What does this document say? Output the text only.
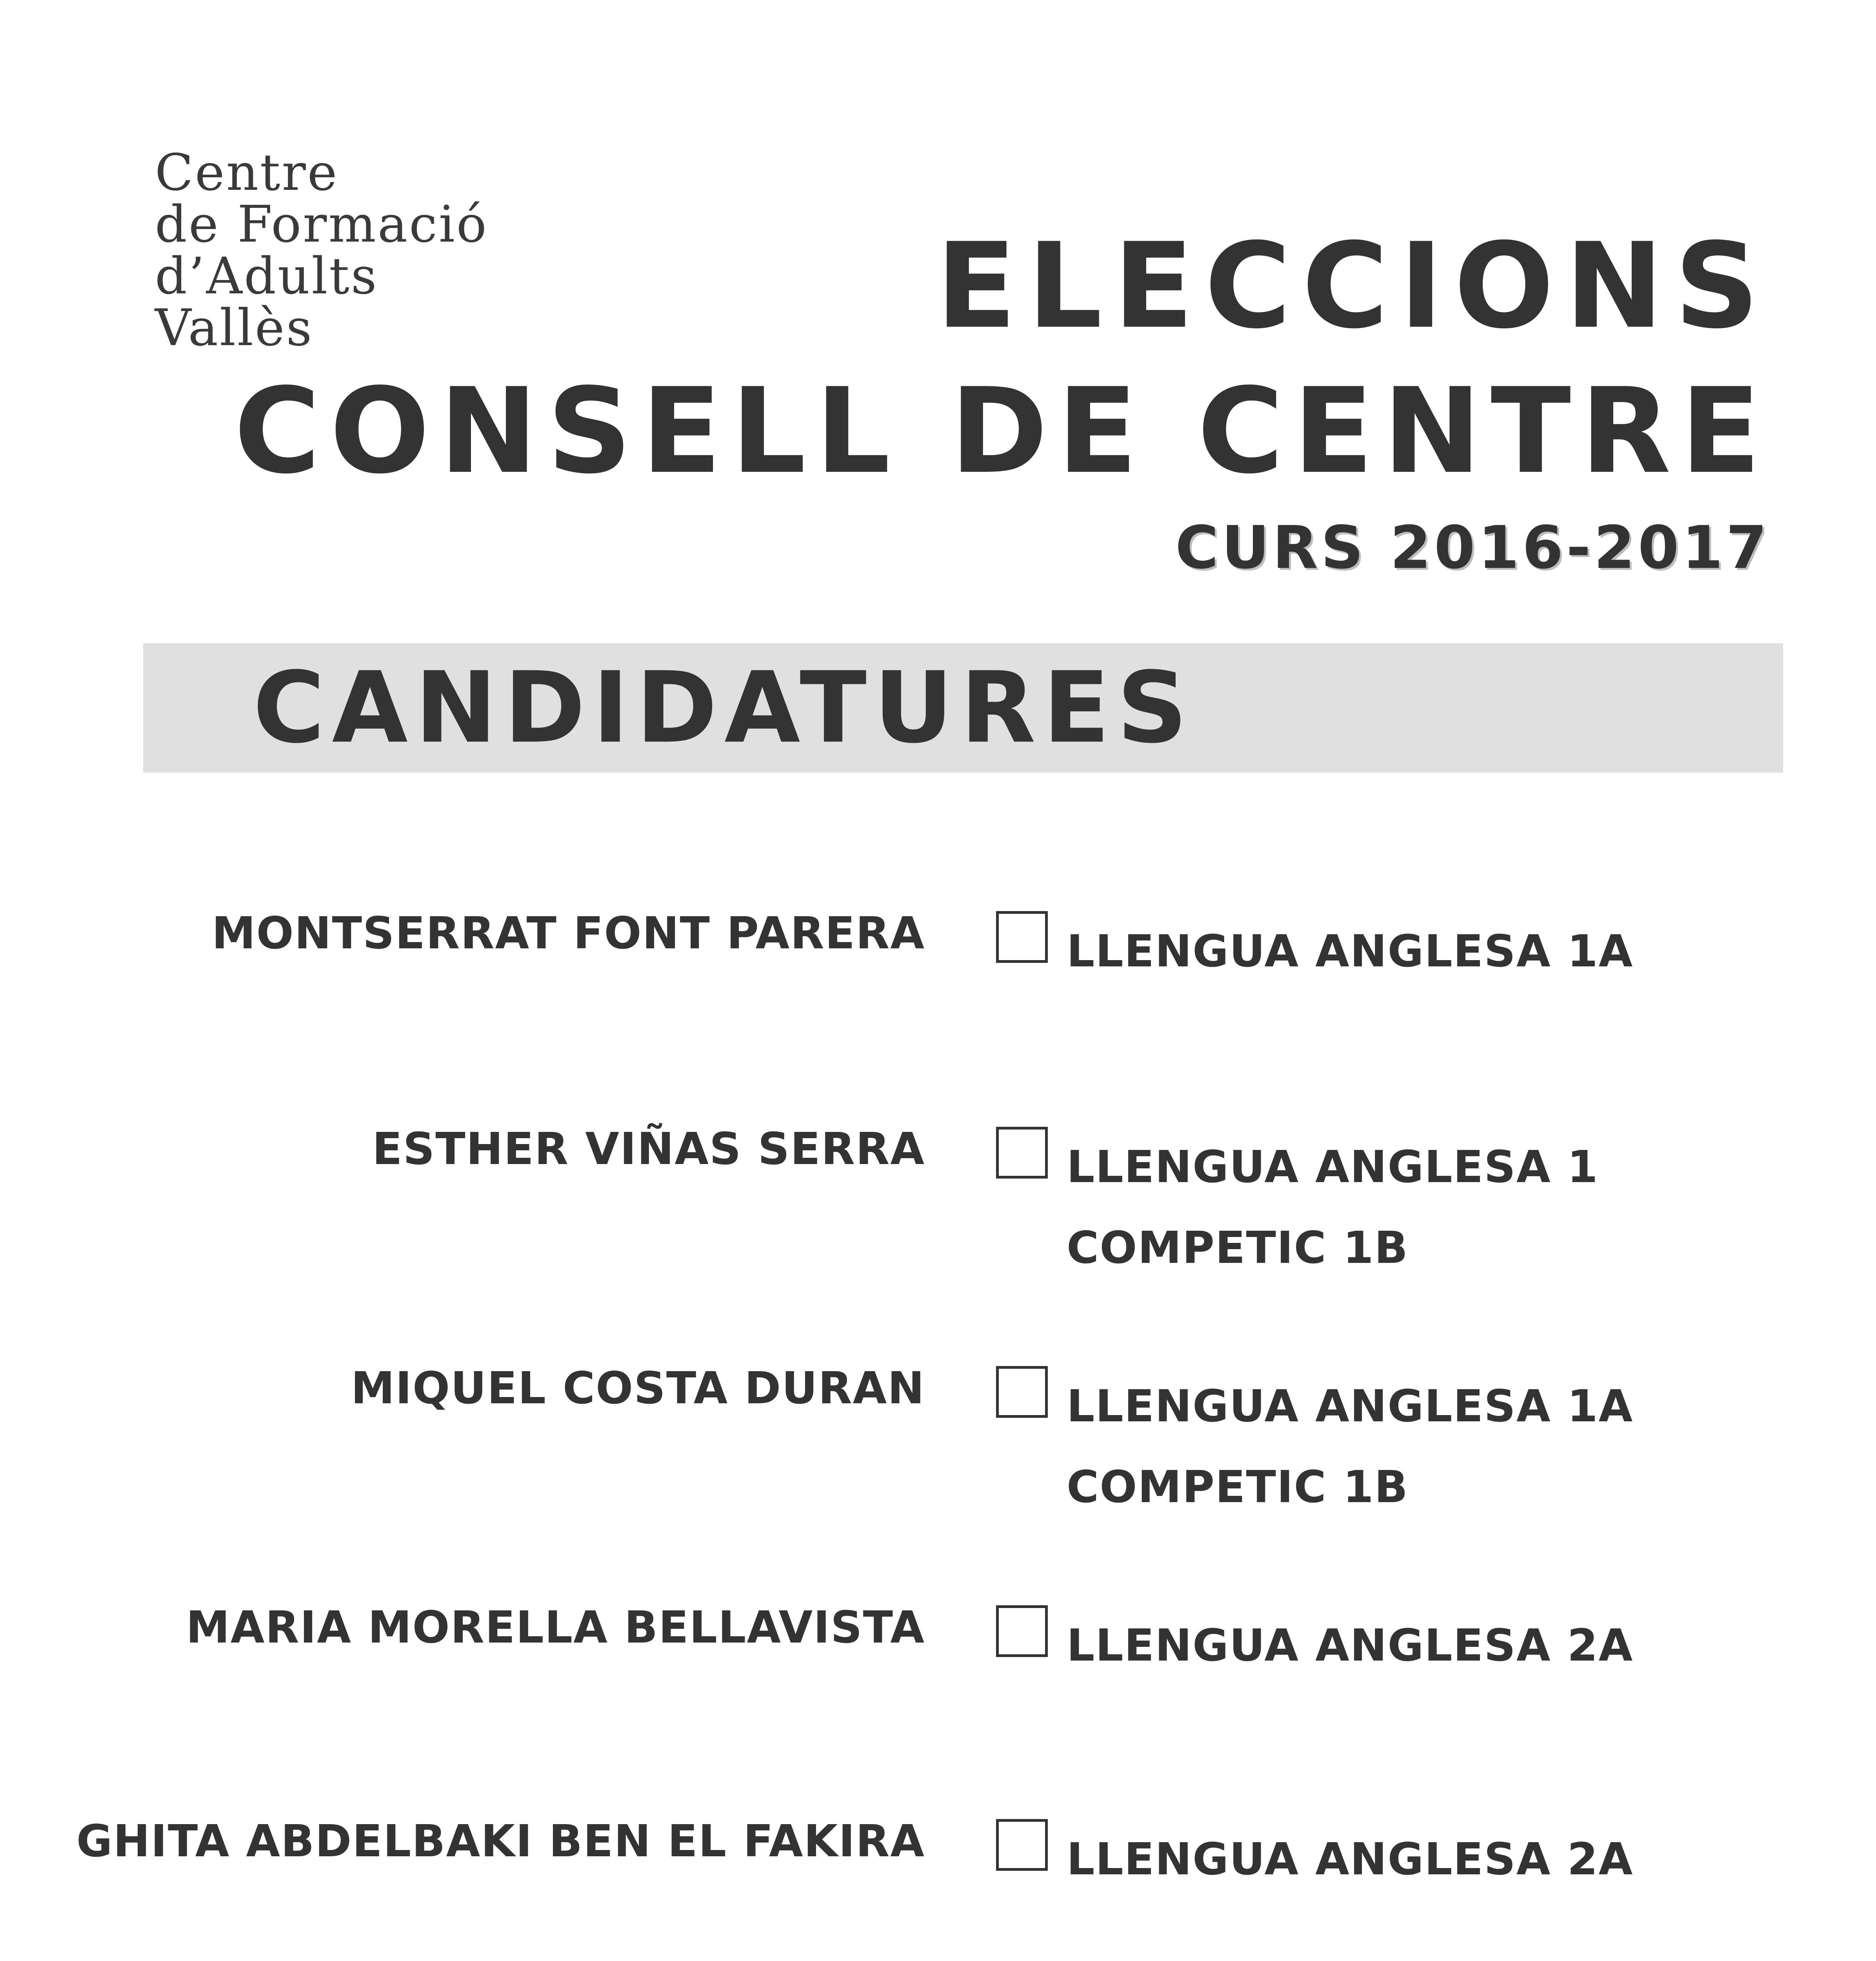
Centre
de Formació
d’Adults
Vallès	ELECCIONS
CONSELL DE CENTRE
CURS 2016-2017
CANDIDATURES
MONTSERRAT FONT PARERA	LLENGUA ANGLESA 1A
ESTHER VIÑAS SERRA	LLENGUA ANGLESA 1
COMPETIC 1B
MIQUEL COSTA DURAN	LLENGUA ANGLESA 1A
COMPETIC 1B
MARIA MORELLA BELLAVISTA	LLENGUA ANGLESA 2A
GHITA ABDELBAKI BEN EL FAKIRA	LLENGUA ANGLESA 2A
